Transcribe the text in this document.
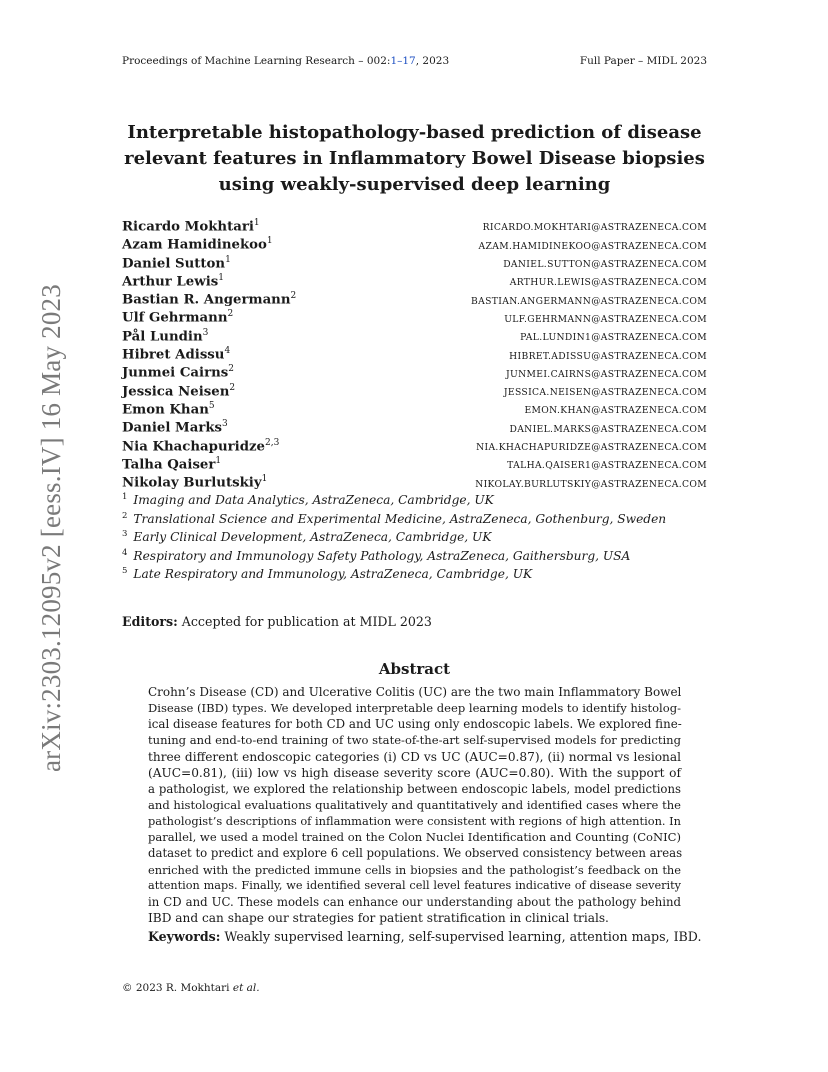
Proceedings of Machine Learning Research – 002:1–17, 2023	Full Paper – MIDL 2023
arXiv:2303.12095v2 [eess.IV] 16 May 2023
Interpretable histopathology-based prediction of disease relevant features in Inflammatory Bowel Disease biopsies using weakly-supervised deep learning
Ricardo Mokhtari$^1$	RICARDO.MOKHTARI@ASTRAZENECA.COM
Azam Hamidinekoo$^1$	AZAM.HAMIDINEKOO@ASTRAZENECA.COM
Daniel Sutton$^1$	DANIEL.SUTTON@ASTRAZENECA.COM
Arthur Lewis$^1$	ARTHUR.LEWIS@ASTRAZENECA.COM
Bastian R. Angermann$^2$	BASTIAN.ANGERMANN@ASTRAZENECA.COM
Ulf Gehrmann$^2$	ULF.GEHRMANN@ASTRAZENECA.COM
Pål Lundin$^3$	PAL.LUNDIN1@ASTRAZENECA.COM
Hibret Adissu$^4$	HIBRET.ADISSU@ASTRAZENECA.COM
Junmei Cairns$^2$	JUNMEI.CAIRNS@ASTRAZENECA.COM
Jessica Neisen$^2$	JESSICA.NEISEN@ASTRAZENECA.COM
Emon Khan$^5$	EMON.KHAN@ASTRAZENECA.COM
Daniel Marks$^3$	DANIEL.MARKS@ASTRAZENECA.COM
Nia Khachapuridze$^{2,3}$	NIA.KHACHAPURIDZE@ASTRAZENECA.COM
Talha Qaiser$^1$	TALHA.QAISER1@ASTRAZENECA.COM
Nikolay Burlutskiy$^1$	NIKOLAY.BURLUTSKIY@ASTRAZENECA.COM
$^1$ Imaging and Data Analytics, AstraZeneca, Cambridge, UK
$^2$ Translational Science and Experimental Medicine, AstraZeneca, Gothenburg, Sweden
$^3$ Early Clinical Development, AstraZeneca, Cambridge, UK
$^4$ Respiratory and Immunology Safety Pathology, AstraZeneca, Gaithersburg, USA
$^5$ Late Respiratory and Immunology, AstraZeneca, Cambridge, UK
Editors: Accepted for publication at MIDL 2023
Abstract
Crohn’s Disease (CD) and Ulcerative Colitis (UC) are the two main Inflammatory Bowel
Disease (IBD) types. We developed interpretable deep learning models to identify histolog-
ical disease features for both CD and UC using only endoscopic labels. We explored fine-
tuning and end-to-end training of two state-of-the-art self-supervised models for predicting
three different endoscopic categories (i) CD vs UC (AUC=0.87), (ii) normal vs lesional
(AUC=0.81), (iii) low vs high disease severity score (AUC=0.80). With the support of
a pathologist, we explored the relationship between endoscopic labels, model predictions
and histological evaluations qualitatively and quantitatively and identified cases where the
pathologist’s descriptions of inflammation were consistent with regions of high attention. In
parallel, we used a model trained on the Colon Nuclei Identification and Counting (CoNIC)
dataset to predict and explore 6 cell populations. We observed consistency between areas
enriched with the predicted immune cells in biopsies and the pathologist’s feedback on the
attention maps. Finally, we identified several cell level features indicative of disease severity
in CD and UC. These models can enhance our understanding about the pathology behind
IBD and can shape our strategies for patient stratification in clinical trials.
Keywords: Weakly supervised learning, self-supervised learning, attention maps, IBD.
© 2023 R. Mokhtari et al.
